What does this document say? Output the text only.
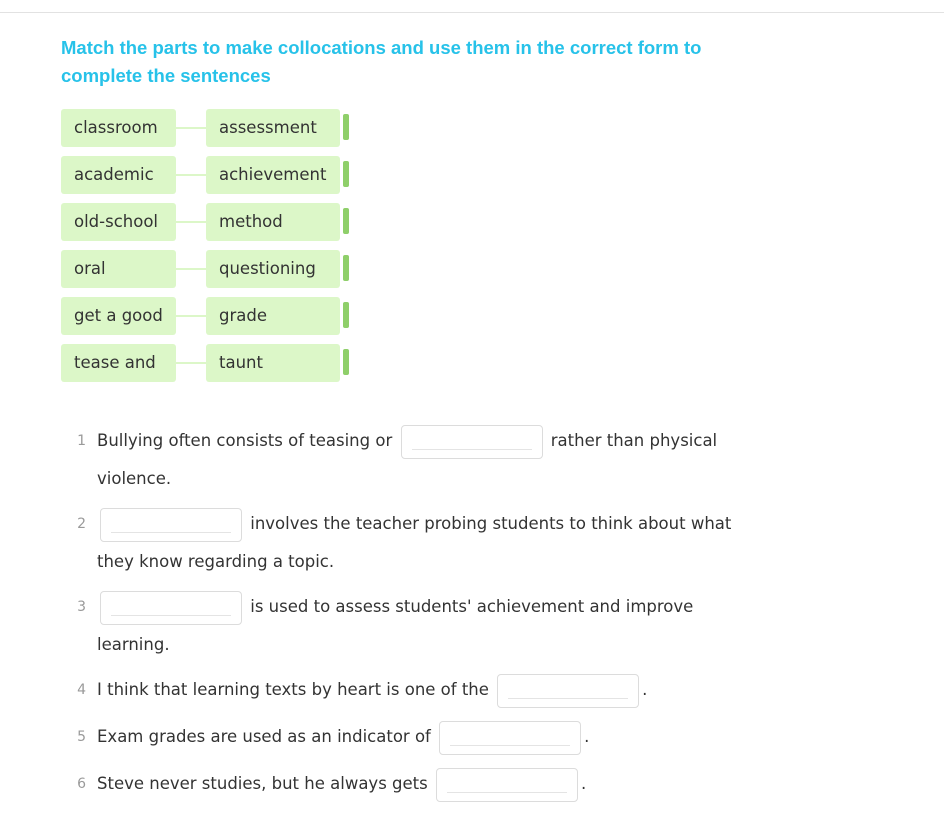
Match the parts to make collocations and use them in the correct form to complete the sentences
classroom	assessment
academic	achievement
old-school	method
oral	questioning
get a good	grade
tease and	taunt
1 Bullying often consists of teasing or	rather than physical violence.
2	involves the teacher probing students to think about what they know regarding a topic.
3	is used to assess students' achievement and improve learning.
4 I think that learning texts by heart is one of the	.
5 Exam grades are used as an indicator of	.
6 Steve never studies, but he always gets	.
